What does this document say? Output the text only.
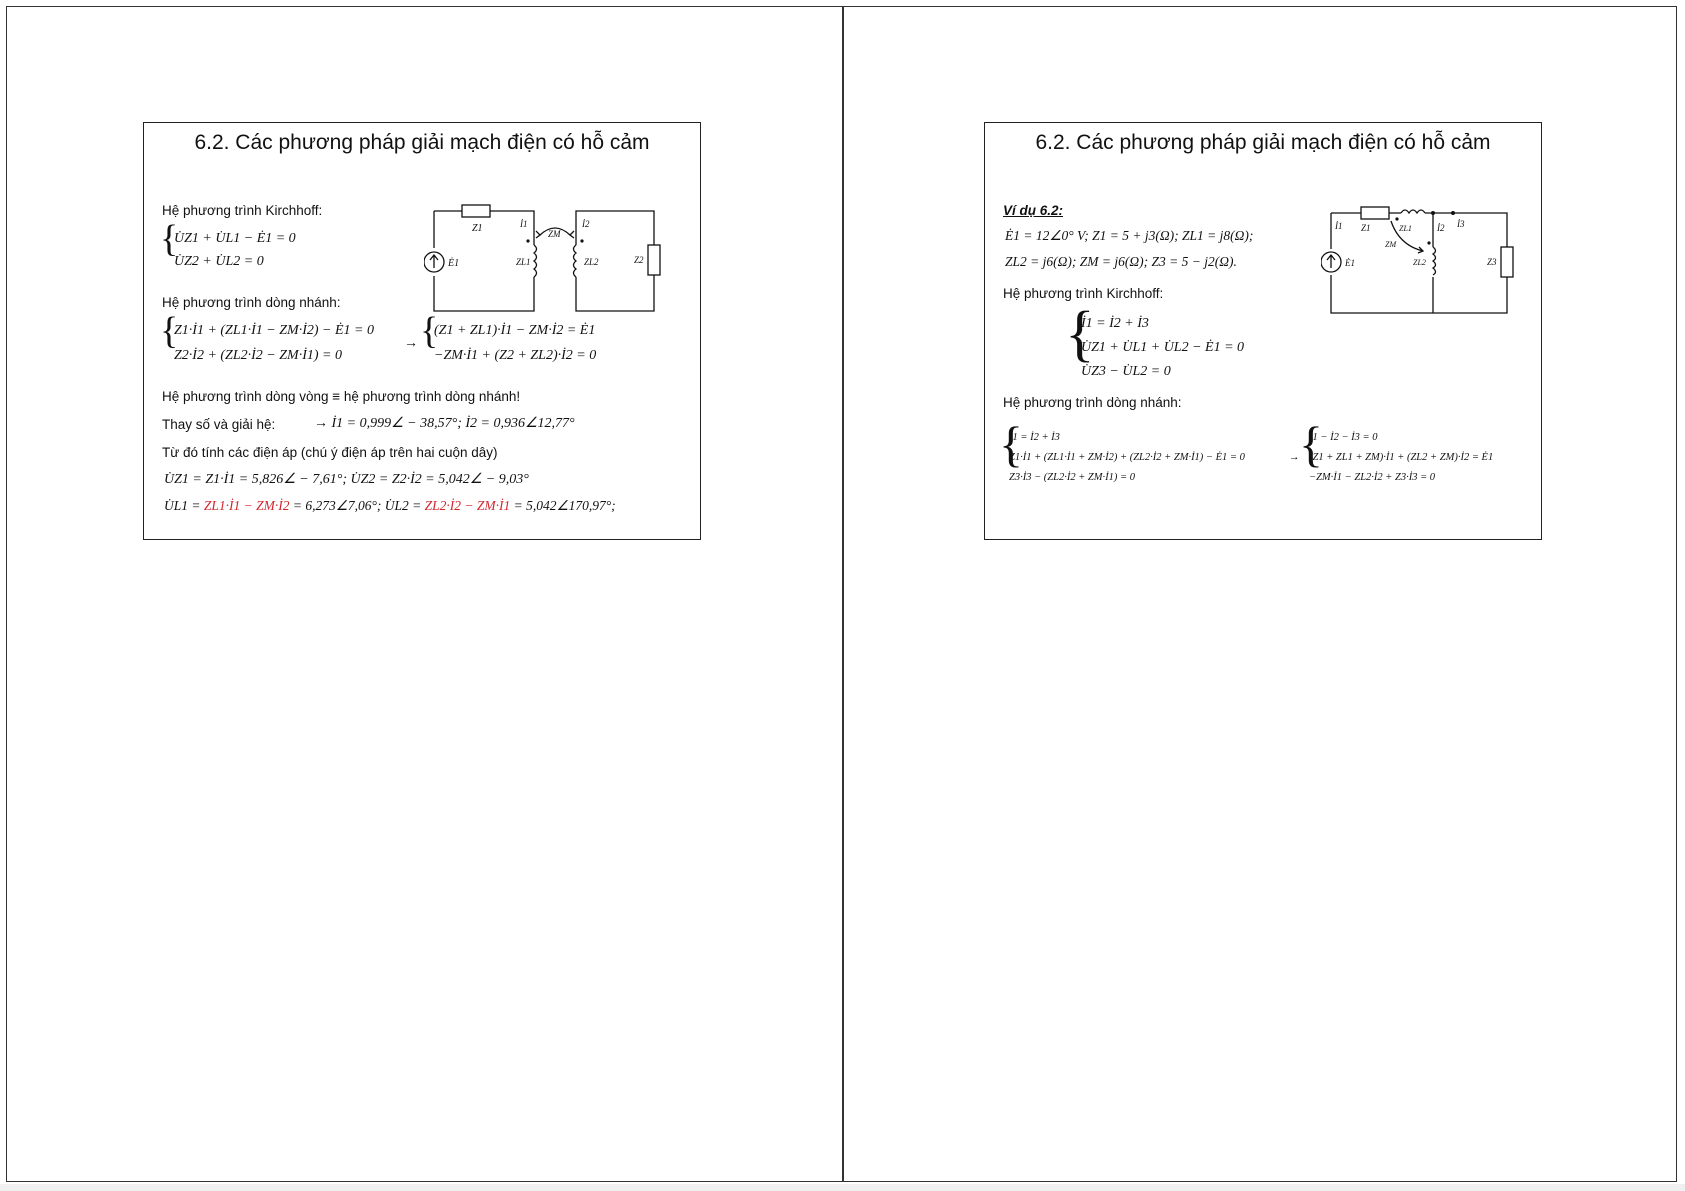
6.2. Các phương pháp giải mạch điện có hỗ cảm
Hệ phương trình Kirchhoff:
{
U̇Z1 + U̇L1 − Ė1 = 0
U̇Z2 + U̇L2 = 0
Hệ phương trình dòng nhánh:
{
Z1·İ1 + (ZL1·İ1 − ZM·İ2) − Ė1 = 0
Z2·İ2 + (ZL2·İ2 − ZM·İ1) = 0
→ {
(Z1 + ZL1)·İ1 − ZM·İ2 = Ė1
−ZM·İ1 + (Z2 + ZL2)·İ2 = 0
Hệ phương trình dòng vòng ≡ hệ phương trình dòng nhánh!
Thay số và giải hệ:	→ İ1 = 0,999∠ − 38,57°; İ2 = 0,936∠12,77°
Từ đó tính các điện áp (chú ý điện áp trên hai cuộn dây)
U̇Z1 = Z1·İ1 = 5,826∠ − 7,61°; U̇Z2 = Z2·İ2 = 5,042∠ − 9,03°
U̇L1 = ZL1·İ1 − ZM·İ2 = 6,273∠7,06°; U̇L2 = ZL2·İ2 − ZM·İ1 = 5,042∠170,97°;
Z1
Ė1	ZL1	ZL2	Z2
ZM
İ1	İ2
6.2. Các phương pháp giải mạch điện có hỗ cảm
Ví dụ 6.2:
Ė1 = 12∠0° V; Z1 = 5 + j3(Ω); ZL1 = j8(Ω);
ZL2 = j6(Ω); ZM = j6(Ω); Z3 = 5 − j2(Ω).
Hệ phương trình Kirchhoff:
{
İ1 = İ2 + İ3
U̇Z1 + U̇L1 + U̇L2 − Ė1 = 0
U̇Z3 − U̇L2 = 0
Hệ phương trình dòng nhánh:
{
İ1 = İ2 + İ3
Z1·İ1 + (ZL1·İ1 + ZM·İ2) + (ZL2·İ2 + ZM·İ1) − Ė1 = 0
Z3·İ3 − (ZL2·İ2 + ZM·İ1) = 0
→ {
İ1 − İ2 − İ3 = 0
(Z1 + ZL1 + ZM)·İ1 + (ZL2 + ZM)·İ2 = Ė1
−ZM·İ1 − ZL2·İ2 + Z3·İ3 = 0
İ1 Z1	ZL1
ZM
İ2 İ3
Ė1	ZL2	Z3
